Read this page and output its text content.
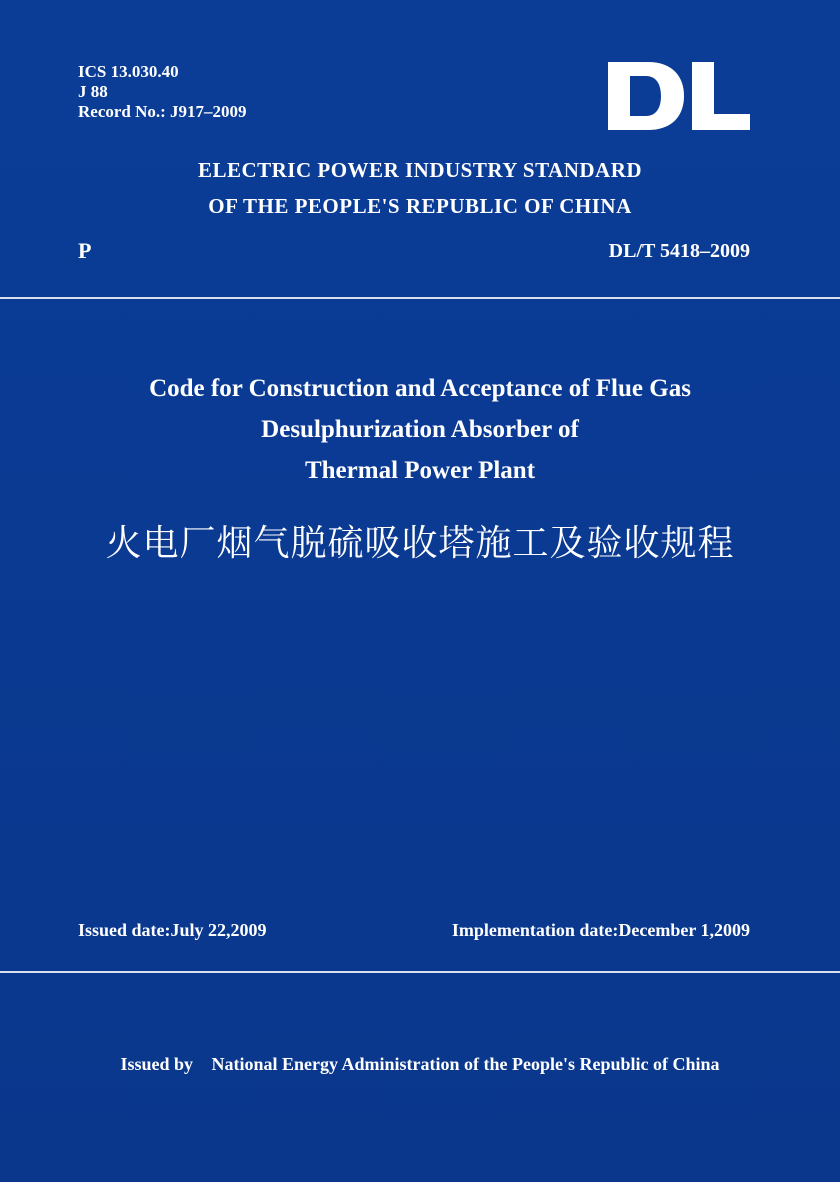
ICS 13.030.40
J 88
Record No.: J917–2009
ELECTRIC POWER INDUSTRY STANDARD
OF THE PEOPLE'S REPUBLIC OF CHINA
P	DL/T 5418–2009
Code for Construction and Acceptance of Flue Gas
Desulphurization Absorber of
Thermal Power Plant
火电厂烟气脱硫吸收塔施工及验收规程
Issued date:July 22,2009	Implementation date:December 1,2009
Issued by National Energy Administration of the People's Republic of China
